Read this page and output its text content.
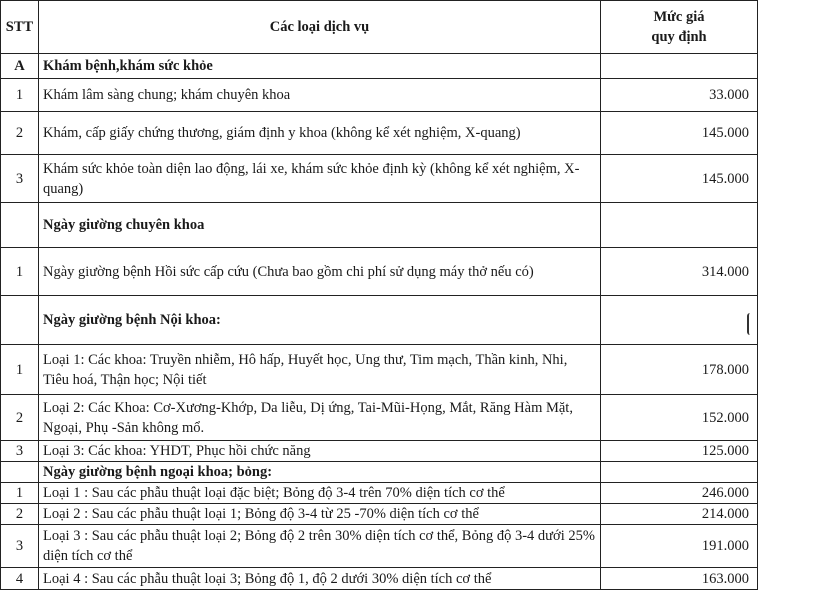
STT	Các loại dịch vụ	Mức giá
quy định

A	Khám bệnh,khám sức khỏe	
1	Khám lâm sàng chung; khám chuyên khoa	33.000
2	Khám, cấp giấy chứng thương, giám định y khoa (không kể xét nghiệm, X-quang)	145.000
3	Khám sức khỏe toàn diện lao động, lái xe, khám sức khỏe định kỳ (không kể xét nghiệm, X-quang)	145.000
	Ngày giường chuyên khoa	
1	Ngày giường bệnh Hồi sức cấp cứu (Chưa bao gồm chi phí sử dụng máy thở nếu có)	314.000
	Ngày giường bệnh Nội khoa:	
1	Loại 1: Các khoa: Truyền nhiễm, Hô hấp, Huyết học, Ung thư, Tim mạch, Thần kinh, Nhi, Tiêu hoá, Thận học; Nội tiết	178.000
2	Loại 2: Các Khoa: Cơ-Xương-Khớp, Da liễu, Dị ứng, Tai-Mũi-Họng, Mắt, Răng Hàm Mặt, Ngoại, Phụ -Sản không mổ.	152.000
3	Loại 3: Các khoa: YHDT, Phục hồi chức năng	125.000
	Ngày giường bệnh ngoại khoa; bỏng:	
1	Loại 1 : Sau các phẫu thuật loại đặc biệt; Bỏng độ 3-4 trên 70% diện tích cơ thể	246.000
2	Loại 2 : Sau các phẫu thuật loại 1; Bỏng độ 3-4 từ 25 -70% diện tích cơ thể	214.000
3	Loại 3 : Sau các phẫu thuật loại 2; Bỏng độ 2 trên 30% diện tích cơ thể, Bỏng độ 3-4 dưới 25% diện tích cơ thể	191.000
4	Loại 4 : Sau các phẫu thuật loại 3; Bỏng độ 1, độ 2 dưới 30% diện tích cơ thể	163.000
